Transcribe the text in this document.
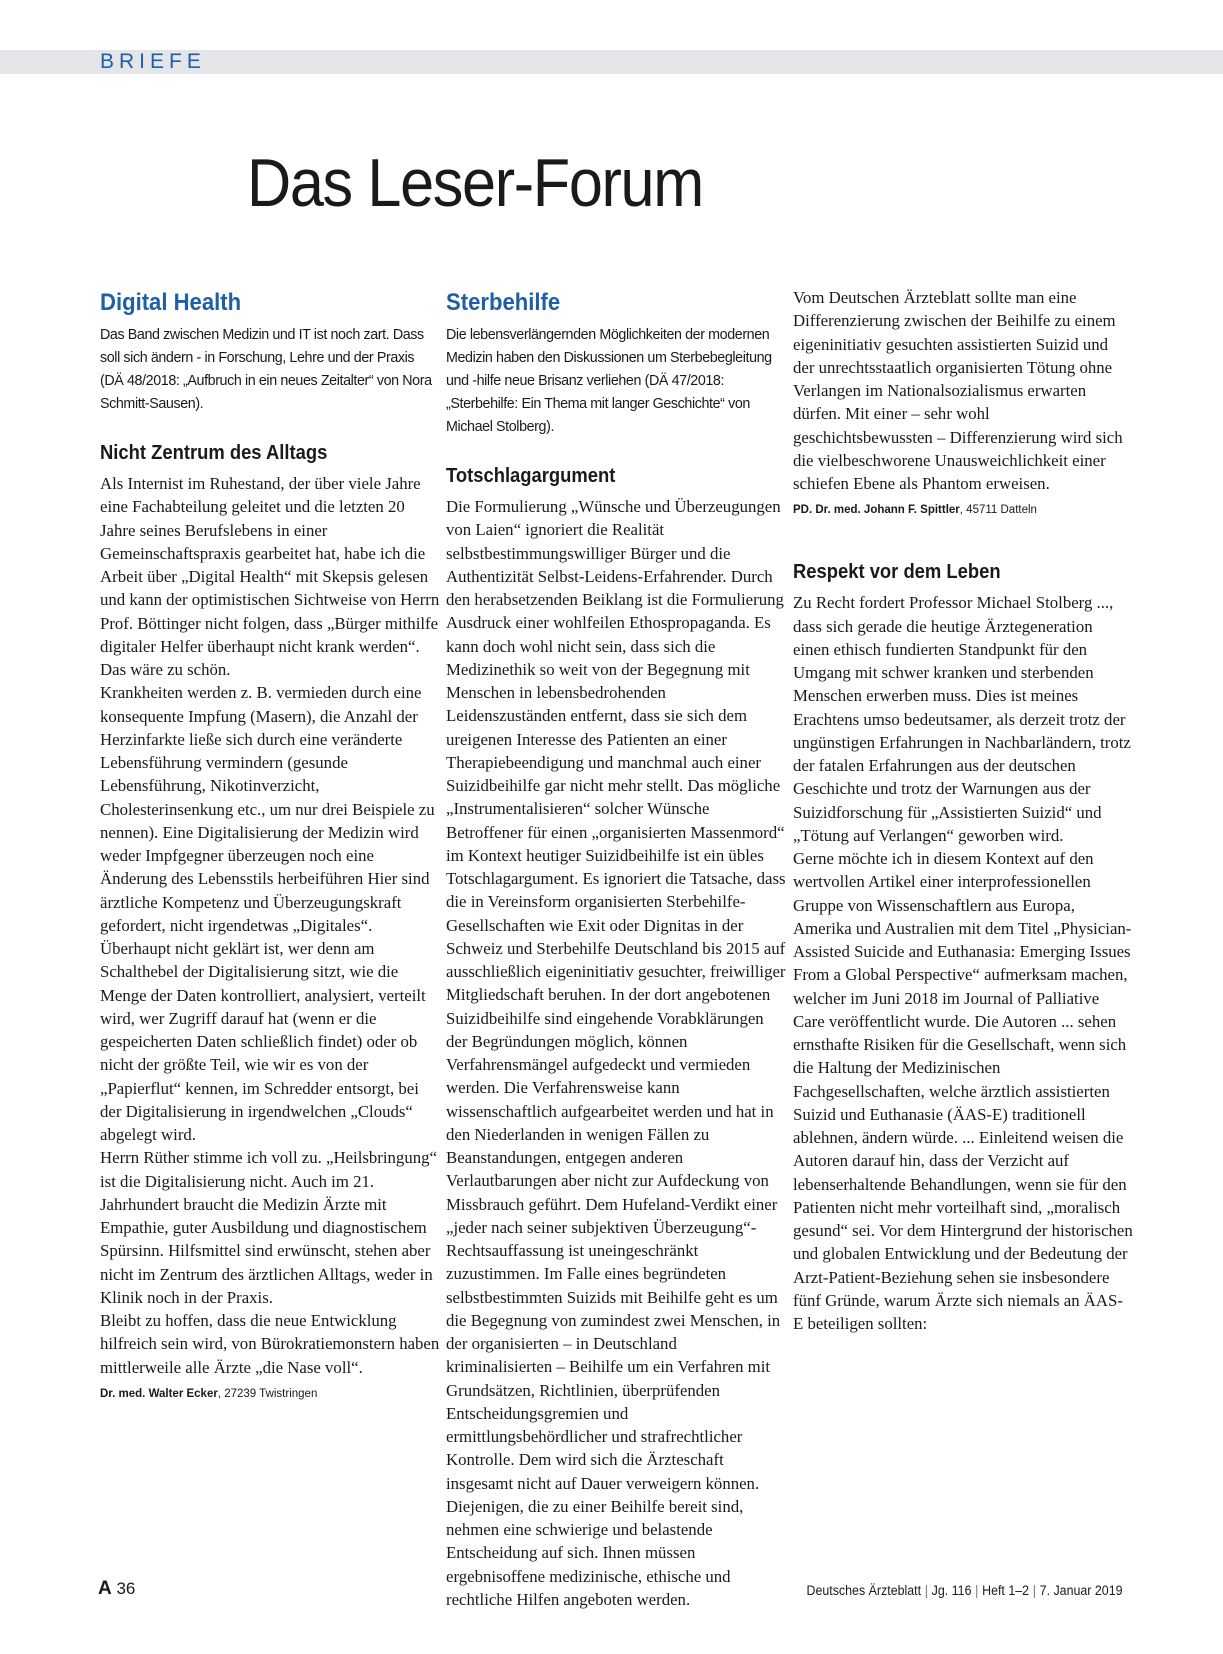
BRIEFE
Das Leser-Forum
Digital Health

Das Band zwischen Medizin und IT ist noch zart. Dass soll sich ändern - in Forschung, Lehre und der Praxis (DÄ 48/2018: „Aufbruch in ein neues Zeitalter“ von Nora Schmitt-Sausen).

Nicht Zentrum des Alltags

Als Internist im Ruhestand, der über viele Jahre eine Fachabteilung geleitet und die letzten 20 Jahre seines Berufslebens in einer Gemeinschaftspraxis gearbeitet hat, habe ich die Arbeit über „Digital Health“ mit Skepsis gelesen und kann der optimistischen Sichtweise von Herrn Prof. Böttinger nicht folgen, dass „Bürger mithilfe digitaler Helfer überhaupt nicht krank werden“. Das wäre zu schön.
Krankheiten werden z. B. vermieden durch eine konsequente Impfung (Masern), die Anzahl der Herzinfarkte ließe sich durch eine veränderte Lebensführung vermindern (gesunde Lebensführung, Nikotinverzicht, Cholesterinsenkung etc., um nur drei Beispiele zu nennen). Eine Digitalisierung der Medizin wird weder Impfgegner überzeugen noch eine Änderung des Lebensstils herbeiführen Hier sind ärztliche Kompetenz und Überzeugungskraft gefordert, nicht irgendetwas „Digitales“.
Überhaupt nicht geklärt ist, wer denn am Schalthebel der Digitalisierung sitzt, wie die Menge der Daten kontrolliert, analysiert, verteilt wird, wer Zugriff darauf hat (wenn er die gespeicherten Daten schließlich findet) oder ob nicht der größte Teil, wie wir es von der „Papierflut“ kennen, im Schredder entsorgt, bei der Digitalisierung in irgendwelchen „Clouds“ abgelegt wird.
Herrn Rüther stimme ich voll zu. „Heilsbringung“ ist die Digitalisierung nicht. Auch im 21. Jahrhundert braucht die Medizin Ärzte mit Empathie, guter Ausbildung und diagnostischem Spürsinn. Hilfsmittel sind erwünscht, stehen aber nicht im Zentrum des ärztlichen Alltags, weder in Klinik noch in der Praxis.
Bleibt zu hoffen, dass die neue Entwicklung hilfreich sein wird, von Bürokratiemonstern haben mittlerweile alle Ärzte „die Nase voll“.

Dr. med. Walter Ecker, 27239 Twistringen

Sterbehilfe

Die lebensverlängernden Möglichkeiten der modernen Medizin haben den Diskussionen um Sterbebegleitung und -hilfe neue Brisanz verliehen (DÄ 47/2018: „Sterbehilfe: Ein Thema mit langer Geschichte“ von Michael Stolberg).

Totschlagargument

Die Formulierung „Wünsche und Überzeugungen von Laien“ ignoriert die Realität selbstbestimmungswilliger Bürger und die Authentizität Selbst-Leidens-Erfahrender. Durch den herabsetzenden Beiklang ist die Formulierung Ausdruck einer wohlfeilen Ethospropaganda. Es kann doch wohl nicht sein, dass sich die Medizinethik so weit von der Begegnung mit Menschen in lebensbedrohenden Leidenszuständen entfernt, dass sie sich dem ureigenen Interesse des Patienten an einer Therapiebeendigung und manchmal auch einer Suizidbeihilfe gar nicht mehr stellt. Das mögliche „Instrumentalisieren“ solcher Wünsche Betroffener für einen „organisierten Massenmord“ im Kontext heutiger Suizidbeihilfe ist ein übles Totschlagargument. Es ignoriert die Tatsache, dass die in Vereinsform organisierten Sterbehilfe-Gesellschaften wie Exit oder Dignitas in der Schweiz und Sterbehilfe Deutschland bis 2015 auf ausschließlich eigeninitiativ gesuchter, freiwilliger Mitgliedschaft beruhen. In der dort angebotenen Suizidbeihilfe sind eingehende Vorabklärungen der Begründungen möglich, können Verfahrensmängel aufgedeckt und vermieden werden. Die Verfahrensweise kann wissenschaftlich aufgearbeitet werden und hat in den Niederlanden in wenigen Fällen zu Beanstandungen, entgegen anderen Verlautbarungen aber nicht zur Aufdeckung von Missbrauch geführt. Dem Hufeland-Verdikt einer „jeder nach seiner subjektiven Überzeugung“-Rechtsauffassung ist uneingeschränkt zuzustimmen. Im Falle eines begründeten selbstbestimmten Suizids mit Beihilfe geht es um die Begegnung von zumindest zwei Menschen, in der organisierten – in Deutschland kriminalisierten – Beihilfe um ein Verfahren mit Grundsätzen, Richtlinien, überprüfenden Entscheidungsgremien und ermittlungsbehördlicher und strafrechtlicher Kontrolle. Dem wird sich die Ärzteschaft insgesamt nicht auf Dauer verweigern können. Diejenigen, die zu einer Beihilfe bereit sind, nehmen eine schwierige und belastende Entscheidung auf sich. Ihnen müssen ergebnisoffene medizinische, ethische und rechtliche Hilfen angeboten werden.

Vom Deutschen Ärzteblatt sollte man eine Differenzierung zwischen der Beihilfe zu einem eigeninitiativ gesuchten assistierten Suizid und der unrechtsstaatlich organisierten Tötung ohne Verlangen im Nationalsozialismus erwarten dürfen. Mit einer – sehr wohl geschichtsbewussten – Differenzierung wird sich die vielbeschworene Unausweichlichkeit einer schiefen Ebene als Phantom erweisen.

PD. Dr. med. Johann F. Spittler, 45711 Datteln

Respekt vor dem Leben

Zu Recht fordert Professor Michael Stolberg ..., dass sich gerade die heutige Ärztegeneration einen ethisch fundierten Standpunkt für den Umgang mit schwer kranken und sterbenden Menschen erwerben muss. Dies ist meines Erachtens umso bedeutsamer, als derzeit trotz der ungünstigen Erfahrungen in Nachbarländern, trotz der fatalen Erfahrungen aus der deutschen Geschichte und trotz der Warnungen aus der Suizidforschung für „Assistierten Suizid“ und „Tötung auf Verlangen“ geworben wird.
Gerne möchte ich in diesem Kontext auf den wertvollen Artikel einer interprofessionellen Gruppe von Wissenschaftlern aus Europa, Amerika und Australien mit dem Titel „Physician-Assisted Suicide and Euthanasia: Emerging Issues From a Global Perspective“ aufmerksam machen, welcher im Juni 2018 im Journal of Palliative Care veröffentlicht wurde. Die Autoren ... sehen ernsthafte Risiken für die Gesellschaft, wenn sich die Haltung der Medizinischen Fachgesellschaften, welche ärztlich assistierten Suizid und Euthanasie (ÄAS-E) traditionell ablehnen, ändern würde. ... Einleitend weisen die Autoren darauf hin, dass der Verzicht auf lebenserhaltende Behandlungen, wenn sie für den Patienten nicht mehr vorteilhaft sind, „moralisch gesund“ sei. Vor dem Hintergrund der historischen und globalen Entwicklung und der Bedeutung der Arzt-Patient-Beziehung sehen sie insbesondere fünf Gründe, warum Ärzte sich niemals an ÄAS-E beteiligen sollten:

A 36	Deutsches Ärzteblatt | Jg. 116 | Heft 1–2 | 7. Januar 2019
